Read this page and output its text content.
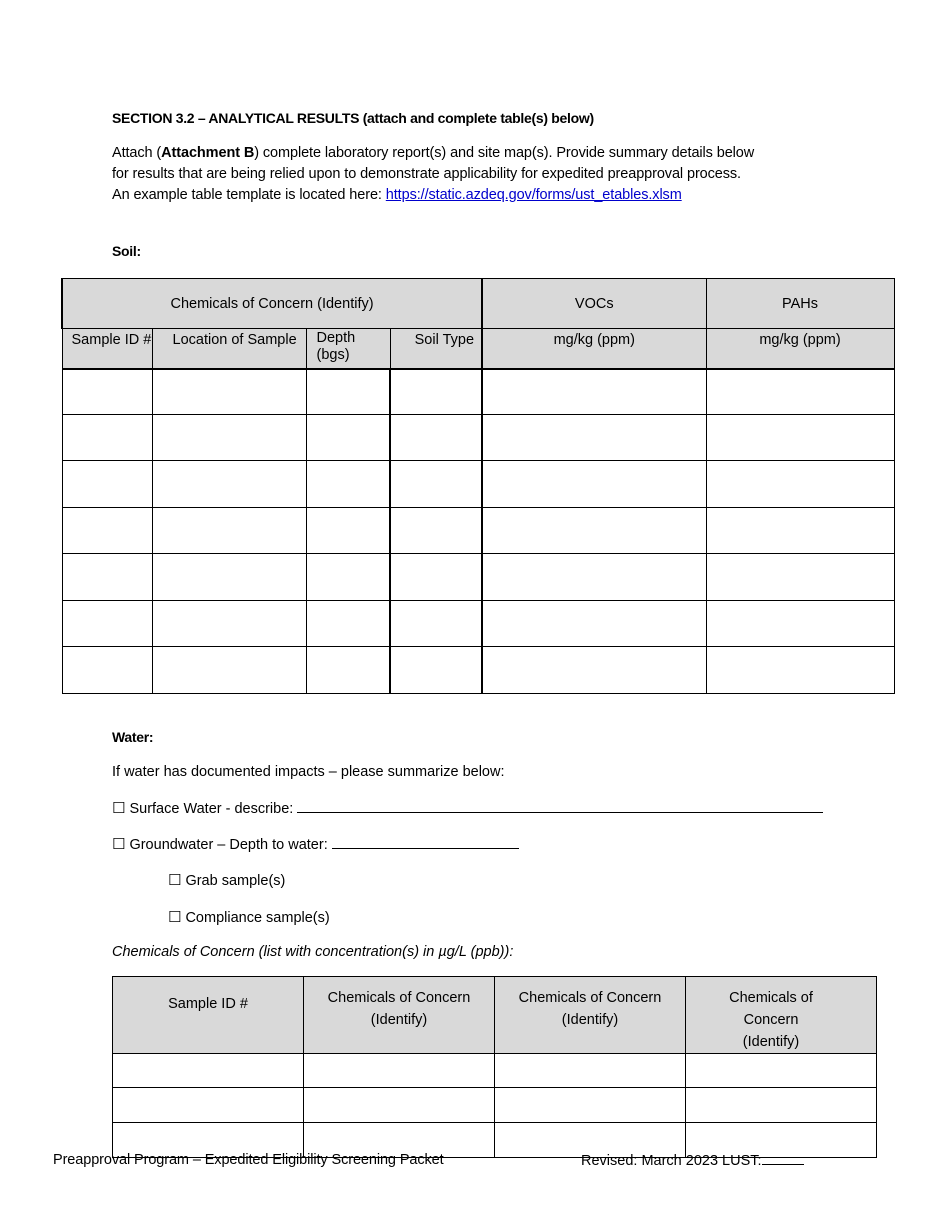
SECTION 3.2 – ANALYTICAL RESULTS (attach and complete table(s) below)
Attach (Attachment B) complete laboratory report(s) and site map(s). Provide summary details below
for results that are being relied upon to demonstrate applicability for expedited preapproval process.
An example table template is located here: https://static.azdeq.gov/forms/ust_etables.xlsm
Soil:
Chemicals of Concern (Identify)				VOCs	PAHs
Sample ID #	Location of Sample	Depth (bgs)	Soil Type	mg/kg (ppm)	mg/kg (ppm)

Water:
If water has documented impacts – please summarize below:
☐ Surface Water - describe:
☐ Groundwater – Depth to water:
☐ Grab sample(s)
☐ Compliance sample(s)
Chemicals of Concern (list with concentration(s) in µg/L (ppb)):
Sample ID #	Chemicals of Concern (Identify)	Chemicals of Concern (Identify)	Chemicals of Concern (Identify)

Preapproval Program – Expedited Eligibility Screening Packet	Revised: March 2023 LUST:
